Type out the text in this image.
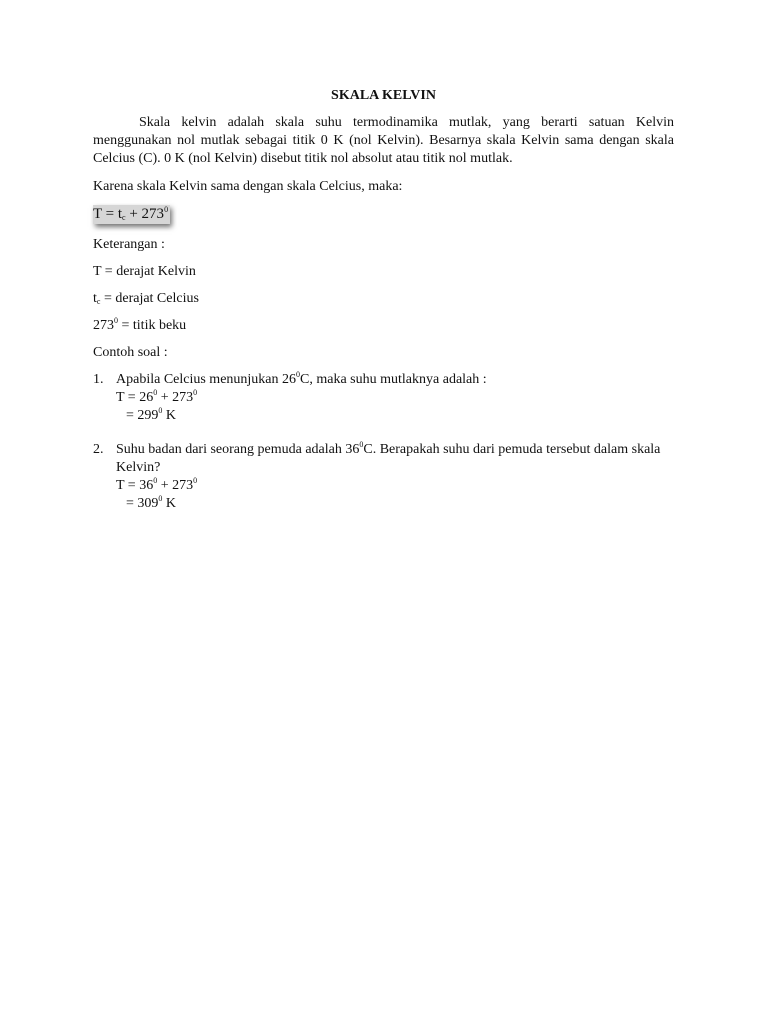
SKALA KELVIN

Skala kelvin adalah skala suhu termodinamika mutlak, yang berarti satuan Kelvin menggunakan nol mutlak sebagai titik 0 K (nol Kelvin). Besarnya skala Kelvin sama dengan skala Celcius (C). 0 K (nol Kelvin) disebut titik nol absolut atau titik nol mutlak.

Karena skala Kelvin sama dengan skala Celcius, maka:

$T = t_c + 273^0$

Keterangan :

T = derajat Kelvin

$t_c$ = derajat Celcius

$273^0$ = titik beku

Contoh soal :

1. Apabila Celcius menunjukan $26^0C$, maka suhu mutlaknya adalah :
$T = 26^0 + 273^0$
= $299^0$ K
2. Suhu badan dari seorang pemuda adalah $36^0C$. Berapakah suhu dari pemuda tersebut dalam skala Kelvin?
$T = 36^0 + 273^0$
= $309^0$ K
